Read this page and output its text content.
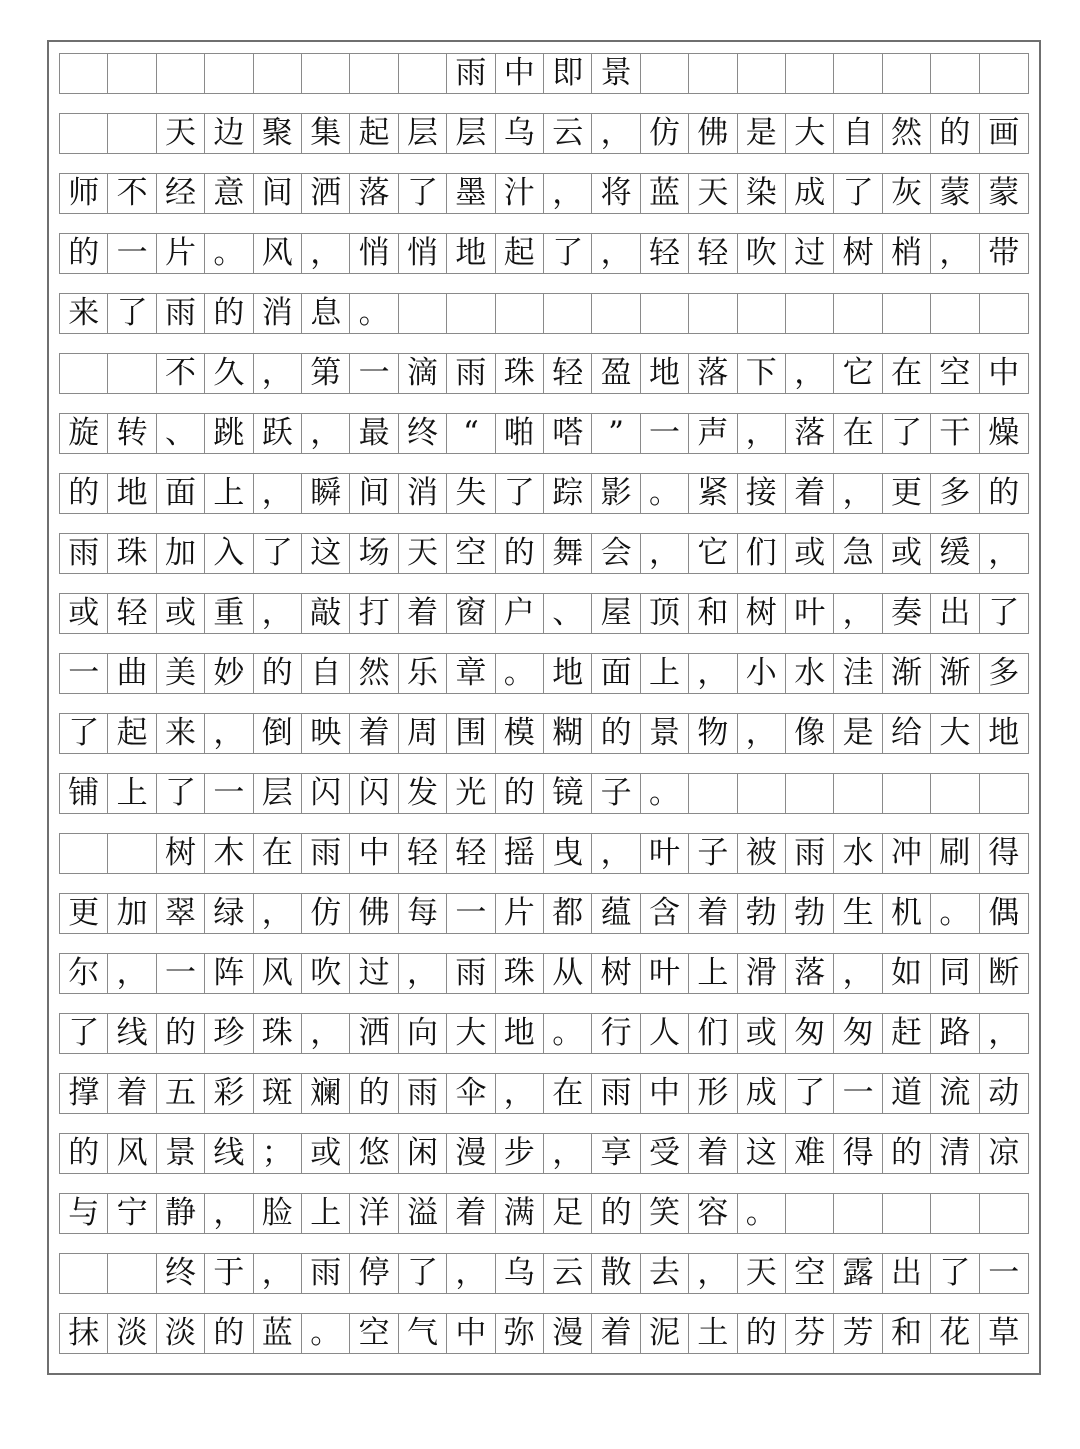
雨 中 即 景
天 边 聚 集 起 层 层 乌 云 ， 仿 佛 是 大 自 然 的 画
师 不 经 意 间 洒 落 了 墨 汁 ， 将 蓝 天 染 成 了 灰 蒙 蒙
的 一 片 。 风 ， 悄 悄 地 起 了 ， 轻 轻 吹 过 树 梢 ， 带
来 了 雨 的 消 息 。
不 久 ， 第 一 滴 雨 珠 轻 盈 地 落 下 ， 它 在 空 中
旋 转 、 跳 跃 ， 最 终 “ 啪 嗒 ” 一 声 ， 落 在 了 干 燥
的 地 面 上 ， 瞬 间 消 失 了 踪 影 。 紧 接 着 ， 更 多 的
雨 珠 加 入 了 这 场 天 空 的 舞 会 ， 它 们 或 急 或 缓 ，
或 轻 或 重 ， 敲 打 着 窗 户 、 屋 顶 和 树 叶 ， 奏 出 了
一 曲 美 妙 的 自 然 乐 章 。 地 面 上 ， 小 水 洼 渐 渐 多
了 起 来 ， 倒 映 着 周 围 模 糊 的 景 物 ， 像 是 给 大 地
铺 上 了 一 层 闪 闪 发 光 的 镜 子 。
树 木 在 雨 中 轻 轻 摇 曳 ， 叶 子 被 雨 水 冲 刷 得
更 加 翠 绿 ， 仿 佛 每 一 片 都 蕴 含 着 勃 勃 生 机 。 偶
尔 ， 一 阵 风 吹 过 ， 雨 珠 从 树 叶 上 滑 落 ， 如 同 断
了 线 的 珍 珠 ， 洒 向 大 地 。 行 人 们 或 匆 匆 赶 路 ，
撑 着 五 彩 斑 斓 的 雨 伞 ， 在 雨 中 形 成 了 一 道 流 动
的 风 景 线 ； 或 悠 闲 漫 步 ， 享 受 着 这 难 得 的 清 凉
与 宁 静 ， 脸 上 洋 溢 着 满 足 的 笑 容 。
终 于 ， 雨 停 了 ， 乌 云 散 去 ， 天 空 露 出 了 一
抹 淡 淡 的 蓝 。 空 气 中 弥 漫 着 泥 土 的 芬 芳 和 花 草
